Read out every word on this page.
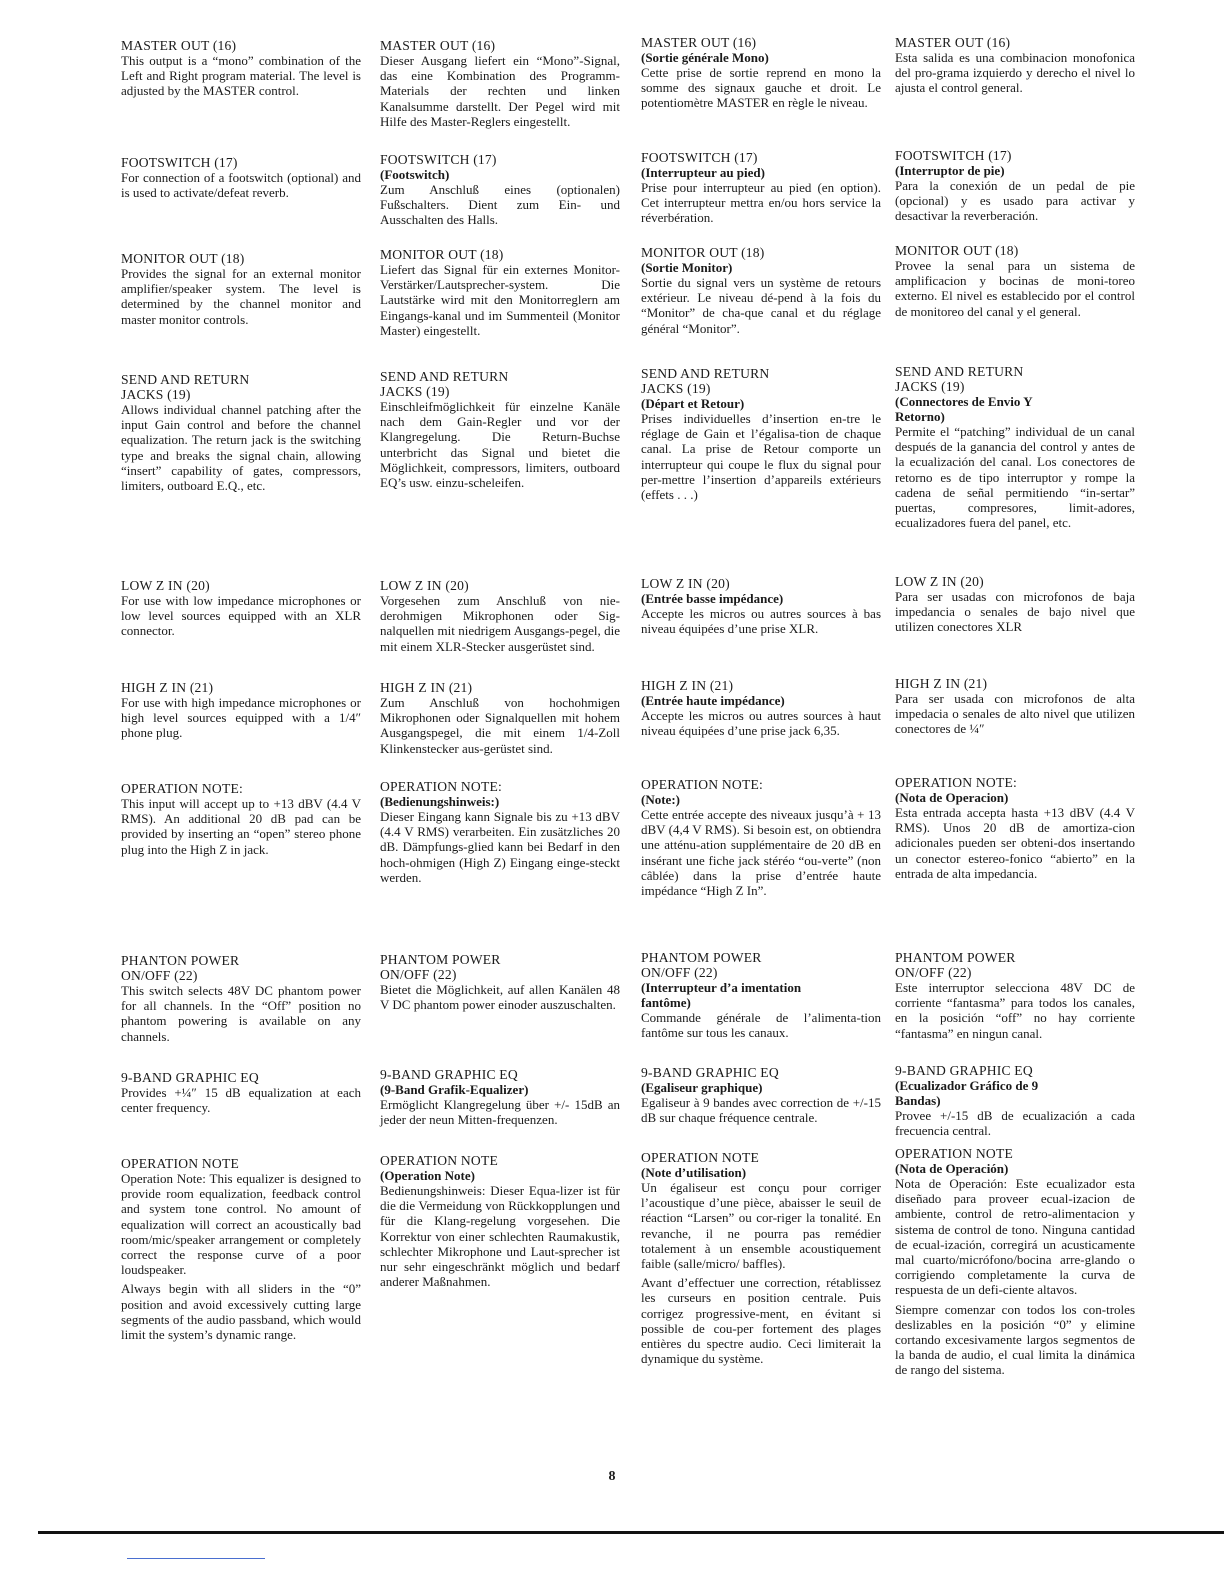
MASTER OUT (16)

This output is a “mono” combination of the Left and Right program material. The level is adjusted by the MASTER control.

FOOTSWITCH (17)

For connection of a footswitch (optional) and is used to activate/defeat reverb.

MONITOR OUT (18)

Provides the signal for an external monitor amplifier/speaker system. The level is determined by the channel monitor and master monitor controls.

SEND AND RETURN
JACKS (19)

Allows individual channel patching after the input Gain control and before the channel equalization. The return jack is the switching type and breaks the signal chain, allowing “insert” capability of gates, compressors, limiters, outboard E.Q., etc.

LOW Z IN (20)

For use with low impedance microphones or low level sources equipped with an XLR connector.

HIGH Z IN (21)

For use with high impedance microphones or high level sources equipped with a 1/4″ phone plug.

OPERATION NOTE:

This input will accept up to +13 dBV (4.4 V RMS). An additional 20 dB pad can be provided by inserting an “open” stereo phone plug into the High Z in jack.

PHANTON POWER
ON/OFF (22)

This switch selects 48V DC phantom power for all channels. In the “Off” position no phantom powering is available on any channels.

9-BAND GRAPHIC EQ

Provides +¼″ 15 dB equalization at each center frequency.

OPERATION NOTE

Operation Note: This equalizer is designed to provide room equalization, feedback control and system tone control. No amount of equalization will correct an acoustically bad room/mic/speaker arrangement or completely correct the response curve of a poor loudspeaker.

Always begin with all sliders in the “0” position and avoid excessively cutting large segments of the audio passband, which would limit the system’s dynamic range.

MASTER OUT (16)

Dieser Ausgang liefert ein “Mono”-Signal, das eine Kombination des Programm-Materials der rechten und linken Kanalsumme darstellt. Der Pegel wird mit Hilfe des Master-Reglers eingestellt.

FOOTSWITCH (17)
(Footswitch)

Zum Anschluß eines (optionalen) Fußschalters. Dient zum Ein- und Ausschalten des Halls.

MONITOR OUT (18)

Liefert das Signal für ein externes Monitor-Verstärker/Lautsprecher-system. Die Lautstärke wird mit den Monitorreglern am Eingangs-kanal und im Summenteil (Monitor Master) eingestellt.

SEND AND RETURN
JACKS (19)

Einschleifmöglichkeit für einzelne Kanäle nach dem Gain-Regler und vor der Klangregelung. Die Return-Buchse unterbricht das Signal und bietet die Möglichkeit, compressors, limiters, outboard EQ’s usw. einzu-scheleifen.

LOW Z IN (20)

Vorgesehen zum Anschluß von nie-derohmigen Mikrophonen oder Sig-nalquellen mit niedrigem Ausgangs-pegel, die mit einem XLR-Stecker ausgerüstet sind.

HIGH Z IN (21)

Zum Anschluß von hochohmigen Mikrophonen oder Signalquellen mit hohem Ausgangspegel, die mit einem 1/4-Zoll Klinkenstecker aus-gerüstet sind.

OPERATION NOTE:
(Bedienungshinweis:)

Dieser Eingang kann Signale bis zu +13 dBV (4.4 V RMS) verarbeiten. Ein zusätzliches 20 dB. Dämpfungs-glied kann bei Bedarf in den hoch-ohmigen (High Z) Eingang einge-steckt werden.

PHANTOM POWER
ON/OFF (22)

Bietet die Möglichkeit, auf allen Kanälen 48 V DC phantom power einoder auszuschalten.

9-BAND GRAPHIC EQ
(9-Band Grafik-Equalizer)

Ermöglicht Klangregelung über +/- 15dB an jeder der neun Mitten-frequenzen.

OPERATION NOTE
(Operation Note)

Bedienungshinweis: Dieser Equa-lizer ist für die die Vermeidung von Rückkopplungen und für die Klang-regelung vorgesehen. Die Korrektur von einer schlechten Raumakustik, schlechter Mikrophone und Laut-sprecher ist nur sehr eingeschränkt möglich und bedarf anderer Maßnahmen.

MASTER OUT (16)
(Sortie générale Mono)

Cette prise de sortie reprend en mono la somme des signaux gauche et droit. Le potentiomètre MASTER en règle le niveau.

FOOTSWITCH (17)
(Interrupteur au pied)

Prise pour interrupteur au pied (en option). Cet interrupteur mettra en/ou hors service la réverbération.

MONITOR OUT (18)
(Sortie Monitor)

Sortie du signal vers un système de retours extérieur. Le niveau dé-pend à la fois du “Monitor” de cha-que canal et du réglage général “Monitor”.

SEND AND RETURN
JACKS (19)
(Départ et Retour)

Prises individuelles d’insertion en-tre le réglage de Gain et l’égalisa-tion de chaque canal. La prise de Retour comporte un interrupteur qui coupe le flux du signal pour per-mettre l’insertion d’appareils extérieurs (effets . . .)

LOW Z IN (20)
(Entrée basse impédance)

Accepte les micros ou autres sources à bas niveau équipées d’une prise XLR.

HIGH Z IN (21)
(Entrée haute impédance)

Accepte les micros ou autres sources à haut niveau équipées d’une prise jack 6,35.

OPERATION NOTE:
(Note:)

Cette entrée accepte des niveaux jusqu’à + 13 dBV (4,4 V RMS). Si besoin est, on obtiendra une atténu-ation supplémentaire de 20 dB en insérant une fiche jack stéréo “ou-verte” (non câblée) dans la prise d’entrée haute impédance “High Z In”.

PHANTOM POWER
ON/OFF (22)
(Interrupteur d’a imentation
fantôme)

Commande générale de l’alimenta-tion fantôme sur tous les canaux.

9-BAND GRAPHIC EQ
(Egaliseur graphique)

Egaliseur à 9 bandes avec correction de +/-15 dB sur chaque fréquence centrale.

OPERATION NOTE
(Note d’utilisation)

Un égaliseur est conçu pour corriger l’acoustique d’une pièce, abaisser le seuil de réaction “Larsen” ou cor-riger la tonalité. En revanche, il ne pourra pas remédier totalement à un ensemble acoustiquement faible (salle/micro/ baffles).

Avant d’effectuer une correction, rétablissez les curseurs en position centrale. Puis corrigez progressive-ment, en évitant si possible de cou-per fortement des plages entières du spectre audio. Ceci limiterait la dynamique du système.

MASTER OUT (16)

Esta salida es una combinacion monofonica del pro-grama izquierdo y derecho el nivel lo ajusta el control general.

FOOTSWITCH (17)
(Interruptor de pie)

Para la conexión de un pedal de pie (opcional) y es usado para activar y desactivar la reverberación.

MONITOR OUT (18)

Provee la senal para un sistema de amplificacion y bocinas de moni-toreo externo. El nivel es establecido por el control de monitoreo del canal y el general.

SEND AND RETURN
JACKS (19)
(Connectores de Envio Y
Retorno)

Permite el “patching” individual de un canal después de la ganancia del control y antes de la ecualización del canal. Los conectores de retorno es de tipo interruptor y rompe la cadena de señal permitiendo “in-sertar” puertas, compresores, limit-adores, ecualizadores fuera del panel, etc.

LOW Z IN (20)

Para ser usadas con microfonos de baja impedancia o senales de bajo nivel que utilizen conectores XLR

HIGH Z IN (21)

Para ser usada con microfonos de alta impedacia o senales de alto nivel que utilizen conectores de ¼″

OPERATION NOTE:
(Nota de Operacion)

Esta entrada accepta hasta +13 dBV (4.4 V RMS). Unos 20 dB de amortiza-cion adicionales pueden ser obteni-dos insertando un conector estereo-fonico “abierto” en la entrada de alta impedancia.

PHANTOM POWER
ON/OFF (22)

Este interruptor selecciona 48V DC de corriente “fantasma” para todos los canales, en la posición “off” no hay corriente “fantasma” en ningun canal.

9-BAND GRAPHIC EQ
(Ecualizador Gráfico de 9
Bandas)

Provee +/-15 dB de ecualización a cada frecuencia central.

OPERATION NOTE
(Nota de Operación)

Nota de Operación: Este ecualizador esta diseñado para proveer ecual-izacion de ambiente, control de retro-alimentacion y sistema de control de tono. Ninguna cantidad de ecual-ización, corregirá un acusticamente mal cuarto/micrófono/bocina arre-glando o corrigiendo completamente la curva de respuesta de un defi-ciente altavos.

Siempre comenzar con todos los con-troles deslizables en la posición “0” y elimine cortando excesivamente largos segmentos de la banda de audio, el cual limita la dinámica de rango del sistema.

8
